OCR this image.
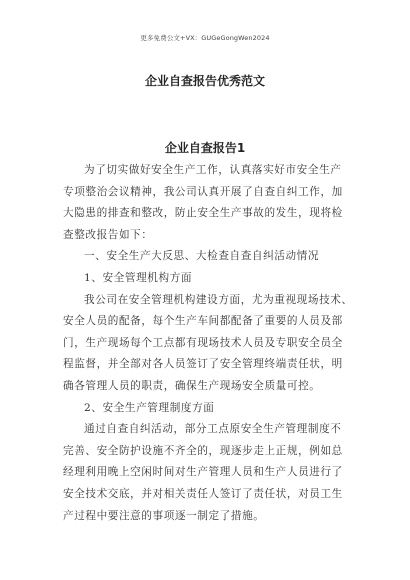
更多免费公文+VX：GUGeGongWen2024
企业自查报告优秀范文
企业自查报告1
为了切实做好安全生产工作，认真落实好市安全生产
专项整治会议精神，我公司认真开展了自查自纠工作，加
大隐患的排查和整改，防止安全生产事故的发生，现将检
查整改报告如下：
一、安全生产大反思、大检查自查自纠活动情况
1、安全管理机构方面
我公司在安全管理机构建设方面，尤为重视现场技术、
安全人员的配备，每个生产车间都配备了重要的人员及部
门，生产现场每个工点都有现场技术人员及专职安全员全
程监督，并全部对各人员签订了安全管理终端责任状，明
确各管理人员的职责，确保生产现场安全质量可控。
2、安全生产管理制度方面
通过自查自纠活动，部分工点原安全生产管理制度不
完善、安全防护设施不齐全的，现逐步走上正规，例如总
经理利用晚上空闲时间对生产管理人员和生产人员进行了
安全技术交底，并对相关责任人签订了责任状，对员工生
产过程中要注意的事项逐一制定了措施。
